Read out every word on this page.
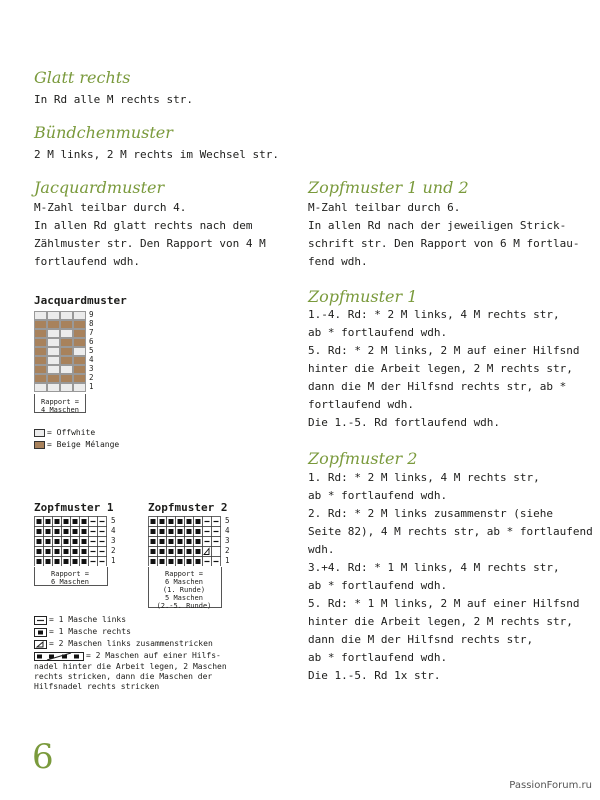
Glatt rechts
In Rd alle M rechts str.
Bündchenmuster
2 M links, 2 M rechts im Wechsel str.
Jacquardmuster
M-Zahl teilbar durch 4.
In allen Rd glatt rechts nach dem
Zählmuster str. Den Rapport von 4 M
fortlaufend wdh.
Zopfmuster 1 und 2
M-Zahl teilbar durch 6.
In allen Rd nach der jeweiligen Strick-
schrift str. Den Rapport von 6 M fortlau-
fend wdh.
Zopfmuster 1
1.-4. Rd: * 2 M links, 4 M rechts str,
ab * fortlaufend wdh.
5. Rd: * 2 M links, 2 M auf einer Hilfsnd
hinter die Arbeit legen, 2 M rechts str,
dann die M der Hilfsnd rechts str, ab *
fortlaufend wdh.
Die 1.-5. Rd fortlaufend wdh.
Zopfmuster 2
1. Rd: * 2 M links, 4 M rechts str,
ab * fortlaufend wdh.
2. Rd: * 2 M links zusammenstr (siehe
Seite 82), 4 M rechts str, ab * fortlaufend
wdh.
3.+4. Rd: * 1 M links, 4 M rechts str,
ab * fortlaufend wdh.
5. Rd: * 1 M links, 2 M auf einer Hilfsnd
hinter die Arbeit legen, 2 M rechts str,
dann die M der Hilfsnd rechts str,
ab * fortlaufend wdh.
Die 1.-5. Rd 1x str.
Jacquardmuster
9
8
7
6
5
4
3
2
1
Rapport =
4 Maschen
= Offwhite
= Beige Mélange
Zopfmuster 1
5
4
3
2
1
Rapport =
6 Maschen
Zopfmuster 2
5
4
3
2
1
Rapport =
6 Maschen
(1. Runde)
5 Maschen
(2.-5. Runde)
= 1 Masche links
= 1 Masche rechts
= 2 Maschen links zusammenstricken
= 2 Maschen auf einer Hilfs-
nadel hinter die Arbeit legen, 2 Maschen
rechts stricken, dann die Maschen der
Hilfsnadel rechts stricken
6
PassionForum.ru
